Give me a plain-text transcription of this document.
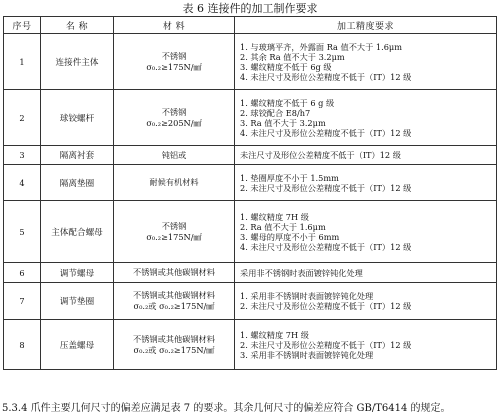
表 6 连接件的加工制作要求
序号	名 称	材 料	加工精度要求
1	连接件主体	不锈钢
σ₀.₂≥175N/㎟	1. 与玻璃平齐，外露面 Ra 值不大于 1.6μm
2. 其余 Ra 值不大于 3.2μm
3. 螺纹精度不低于 6g 级
4. 未注尺寸及形位公差精度不低于（IT）12 级

2	球铰螺杆	不锈钢
σ₀.₂≥205N/㎟	1. 螺纹精度不低于 6 g 级
2. 球铰配合 E8/h7
3. Ra 值不大于 3.2μm
4. 未注尺寸及形位公差精度不低于（IT）12 级

3	隔离衬套	钝铝或	未注尺寸及形位公差精度不低于（IT）12 级

4	隔离垫圈	耐候有机材料	1. 垫圈厚度不小于 1.5mm
2. 未注尺寸及形位公差精度不低于（IT）12 级

5	主体配合螺母	不锈钢
σ₀.₂≥175N/㎟	1. 螺纹精度 7H 级
2. Ra 值不大于 1.6μm
3. 螺母的厚度不小于 6mm
4. 未注尺寸及形位公差精度不低于（IT）12 级

6	调节螺母	不锈钢或其他碳钢材料	采用非不锈钢时表面镀锌钝化处理

7	调节垫圈	不锈钢或其他碳钢材料
σ₀.₂或 σ₀.₂≥175N/㎟	1. 采用非不锈钢时表面镀锌钝化处理
2. 未注尺寸及形位公差精度不低于（IT）12 级

8	压盖螺母	不锈钢或其他碳钢材料
σ₀.₂或 σ₀.₂≥175N/㎟	1. 螺纹精度 7H 级
2. 未注尺寸及形位公差精度不低于（IT）12 级
3. 采用非不锈钢时表面镀锌钝化处理
5.3.4 爪件主要几何尺寸的偏差应满足表 7 的要求。其余几何尺寸的偏差应符合 GB/T6414 的规定。
